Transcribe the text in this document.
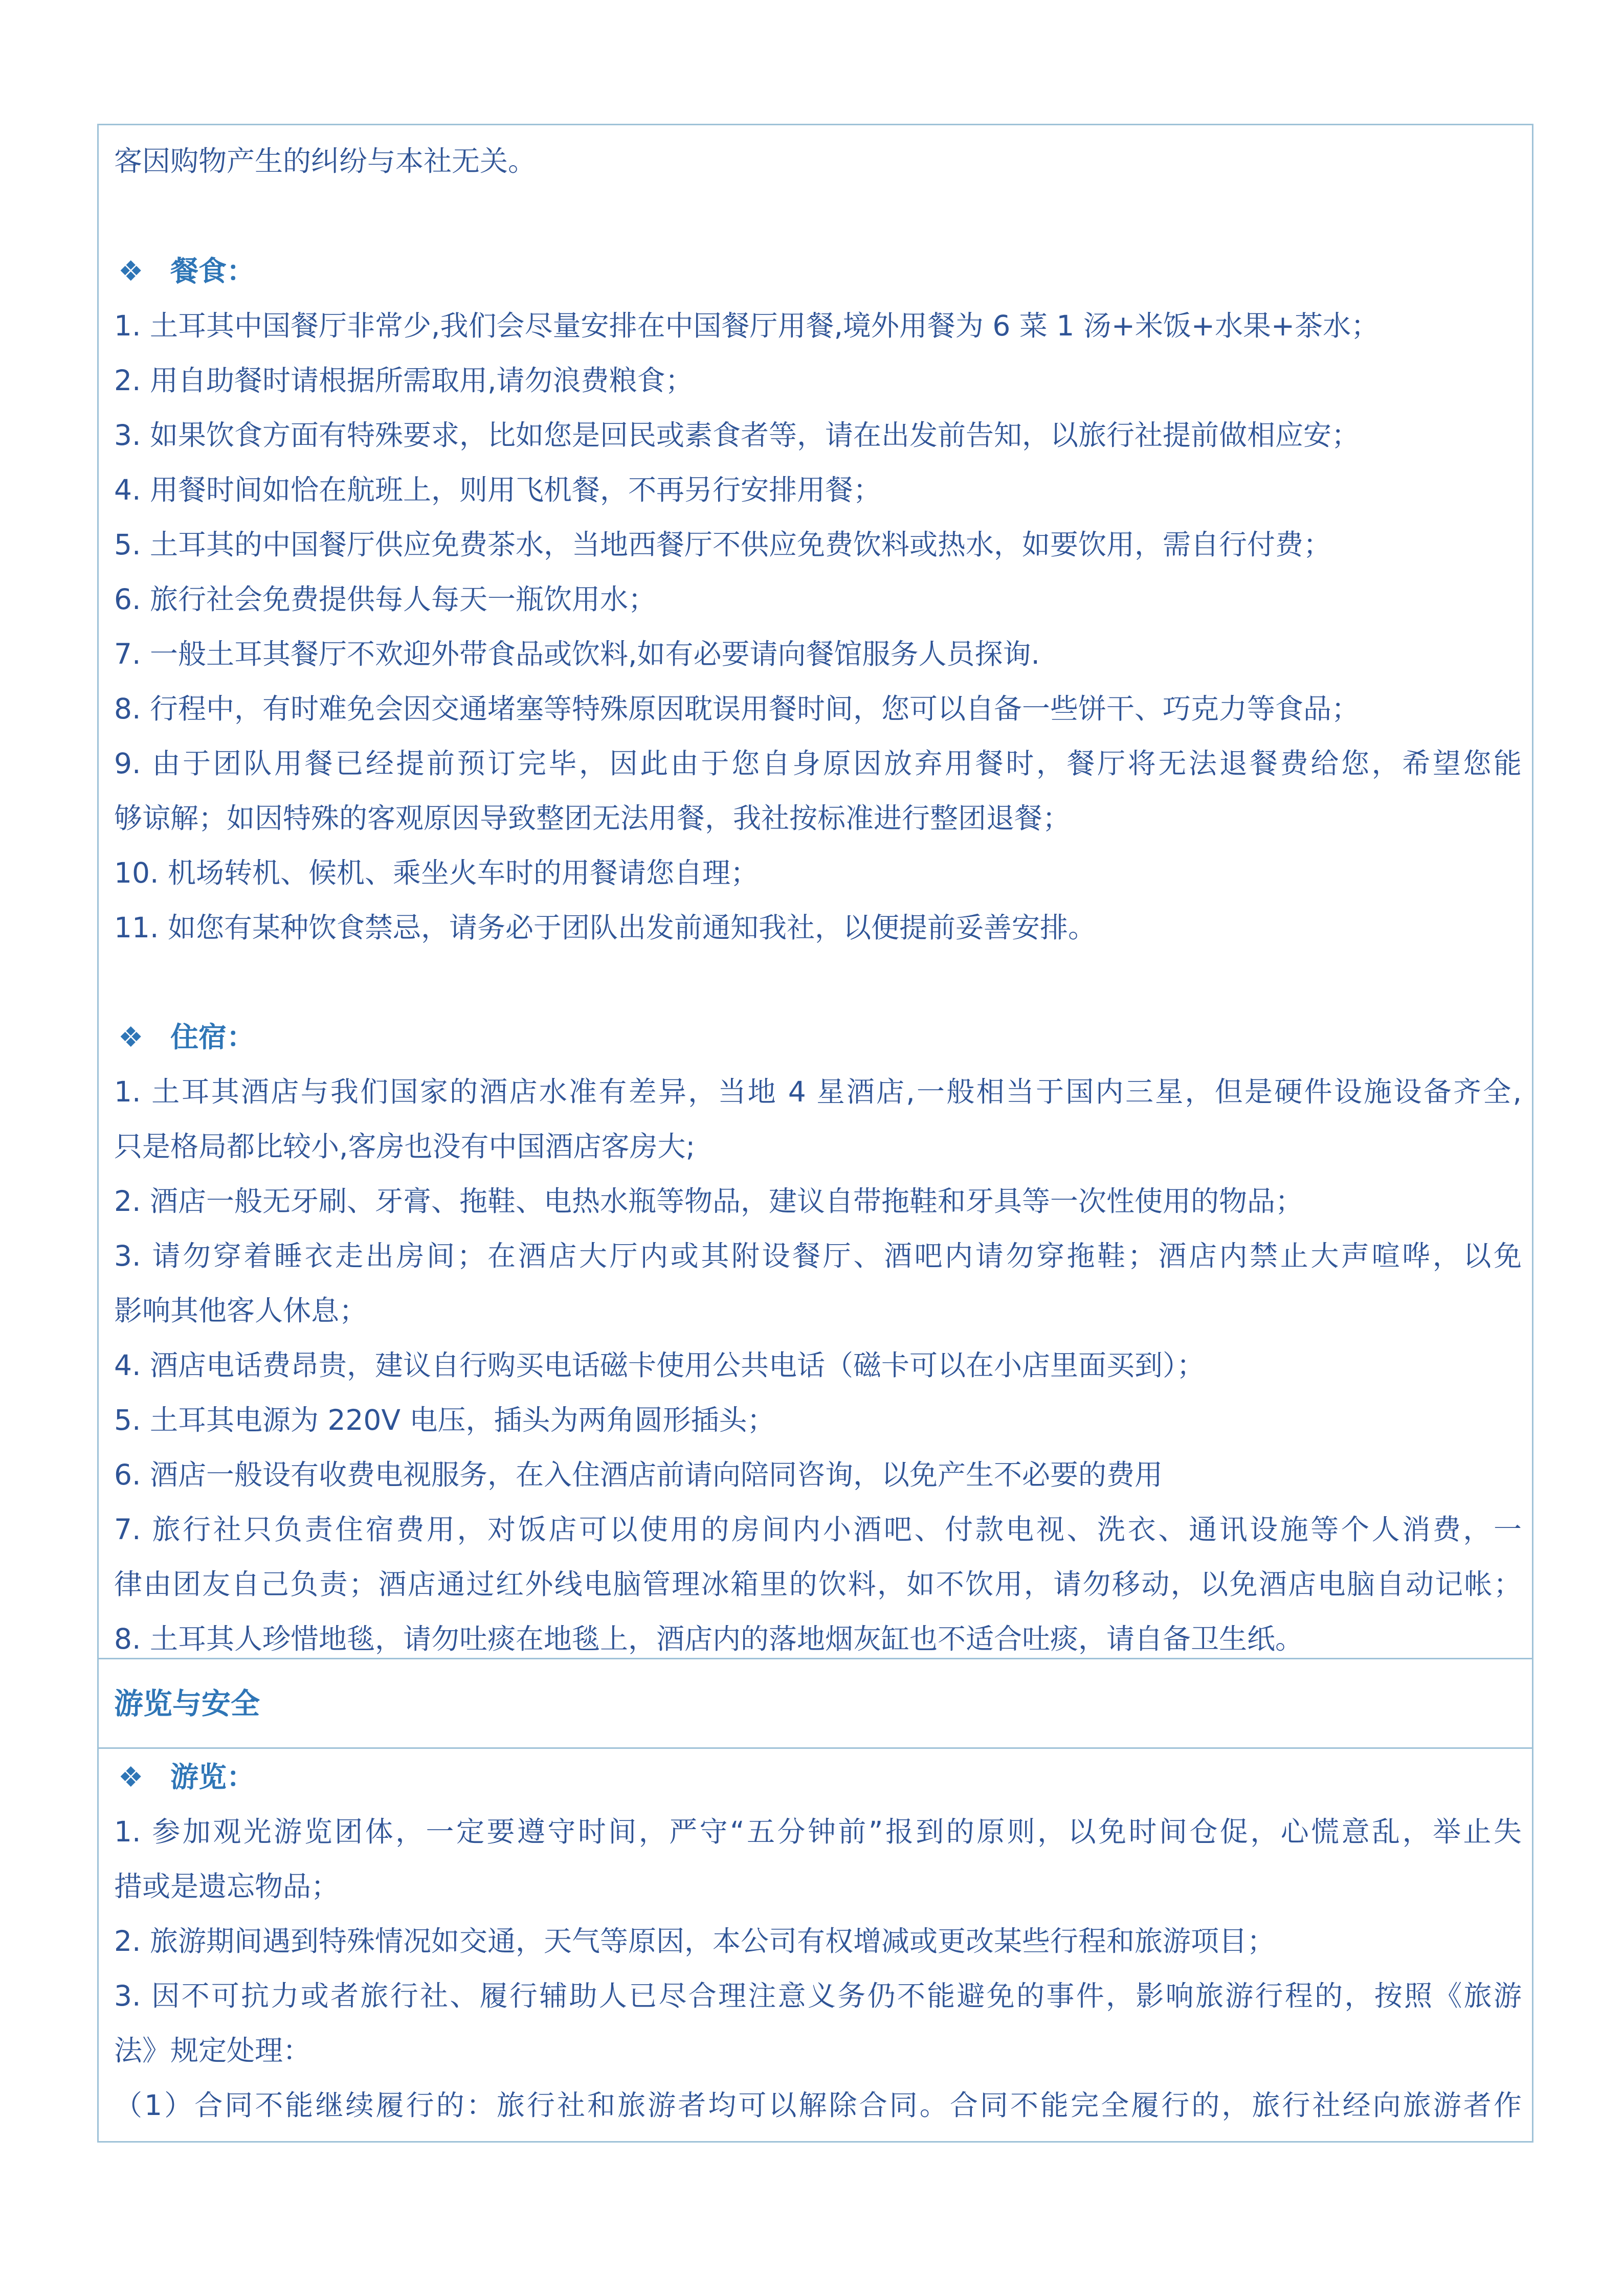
客因购物产生的纠纷与本社无关。
❖ 餐食：
1. 土耳其中国餐厅非常少,我们会尽量安排在中国餐厅用餐,境外用餐为 6 菜 1 汤+米饭+水果+茶水；
2. 用自助餐时请根据所需取用,请勿浪费粮食；
3. 如果饮食方面有特殊要求，比如您是回民或素食者等，请在出发前告知，以旅行社提前做相应安；
4. 用餐时间如恰在航班上，则用飞机餐，不再另行安排用餐；
5. 土耳其的中国餐厅供应免费茶水，当地西餐厅不供应免费饮料或热水，如要饮用，需自行付费；
6. 旅行社会免费提供每人每天一瓶饮用水；
7. 一般土耳其餐厅不欢迎外带食品或饮料,如有必要请向餐馆服务人员探询.
8. 行程中，有时难免会因交通堵塞等特殊原因耽误用餐时间，您可以自备一些饼干、巧克力等食品；
9. 由于团队用餐已经提前预订完毕，因此由于您自身原因放弃用餐时，餐厅将无法退餐费给您，希望您能
够谅解；如因特殊的客观原因导致整团无法用餐，我社按标准进行整团退餐；
10. 机场转机、候机、乘坐火车时的用餐请您自理；
11. 如您有某种饮食禁忌，请务必于团队出发前通知我社，以便提前妥善安排。
❖ 住宿：
1. 土耳其酒店与我们国家的酒店水准有差异，当地 4 星酒店,一般相当于国内三星，但是硬件设施设备齐全,
只是格局都比较小,客房也没有中国酒店客房大;
2. 酒店一般无牙刷、牙膏、拖鞋、电热水瓶等物品，建议自带拖鞋和牙具等一次性使用的物品；
3. 请勿穿着睡衣走出房间；在酒店大厅内或其附设餐厅、酒吧内请勿穿拖鞋；酒店内禁止大声喧哗，以免
影响其他客人休息；
4. 酒店电话费昂贵，建议自行购买电话磁卡使用公共电话（磁卡可以在小店里面买到）；
5. 土耳其电源为 220V 电压，插头为两角圆形插头；
6. 酒店一般设有收费电视服务，在入住酒店前请向陪同咨询，以免产生不必要的费用
7. 旅行社只负责住宿费用，对饭店可以使用的房间内小酒吧、付款电视、洗衣、通讯设施等个人消费，一
律由团友自己负责；酒店通过红外线电脑管理冰箱里的饮料，如不饮用，请勿移动，以免酒店电脑自动记帐；
8. 土耳其人珍惜地毯，请勿吐痰在地毯上，酒店内的落地烟灰缸也不适合吐痰，请自备卫生纸。
游览与安全
❖ 游览：
1. 参加观光游览团体，一定要遵守时间，严守“五分钟前”报到的原则，以免时间仓促，心慌意乱，举止失
措或是遗忘物品；
2. 旅游期间遇到特殊情况如交通，天气等原因，本公司有权增减或更改某些行程和旅游项目；
3. 因不可抗力或者旅行社、履行辅助人已尽合理注意义务仍不能避免的事件，影响旅游行程的，按照《旅游
法》规定处理：
（1）合同不能继续履行的：旅行社和旅游者均可以解除合同。合同不能完全履行的，旅行社经向旅游者作
